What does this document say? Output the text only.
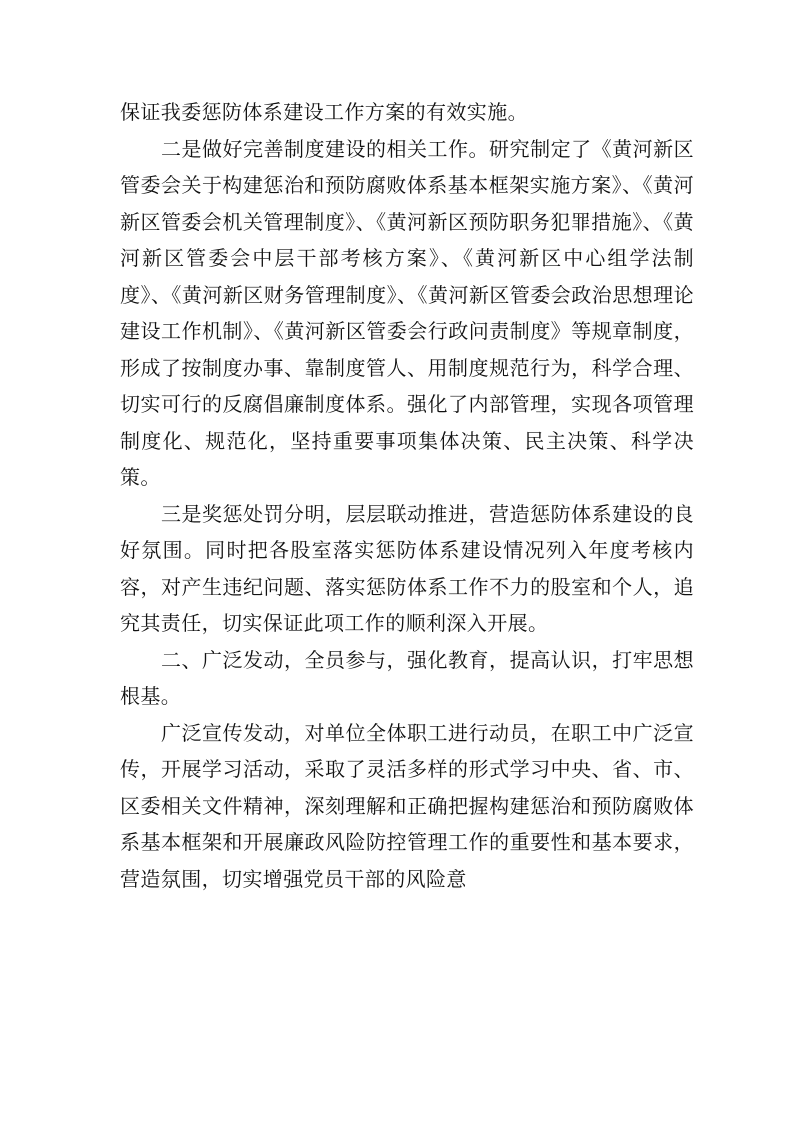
保证我委惩防体系建设工作方案的有效实施。

二是做好完善制度建设的相关工作。研究制定了《黄河新区管委会关于构建惩治和预防腐败体系基本框架实施方案》、《黄河新区管委会机关管理制度》、《黄河新区预防职务犯罪措施》、《黄河新区管委会中层干部考核方案》、《黄河新区中心组学法制度》、《黄河新区财务管理制度》、《黄河新区管委会政治思想理论建设工作机制》、《黄河新区管委会行政问责制度》等规章制度，形成了按制度办事、靠制度管人、用制度规范行为，科学合理、切实可行的反腐倡廉制度体系。强化了内部管理，实现各项管理制度化、规范化，坚持重要事项集体决策、民主决策、科学决策。

三是奖惩处罚分明，层层联动推进，营造惩防体系建设的良好氛围。同时把各股室落实惩防体系建设情况列入年度考核内容，对产生违纪问题、落实惩防体系工作不力的股室和个人，追究其责任，切实保证此项工作的顺利深入开展。

二、广泛发动，全员参与，强化教育，提高认识，打牢思想根基。

广泛宣传发动，对单位全体职工进行动员，在职工中广泛宣传，开展学习活动，采取了灵活多样的形式学习中央、省、市、区委相关文件精神，深刻理解和正确把握构建惩治和预防腐败体系基本框架和开展廉政风险防控管理工作的重要性和基本要求，营造氛围，切实增强党员干部的风险意
